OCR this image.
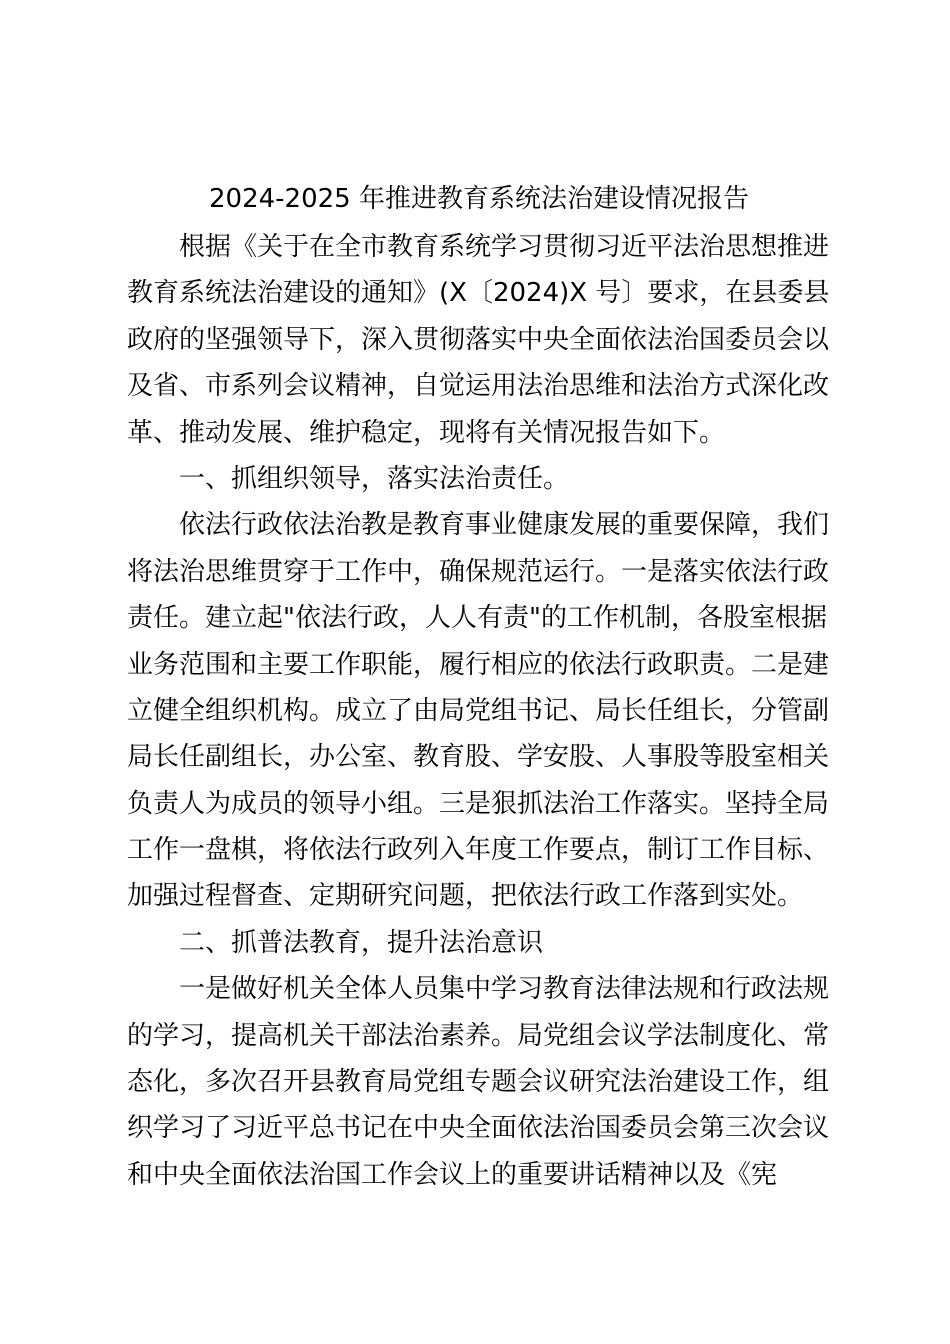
2024-2025 年推进教育系统法治建设情况报告
根据《关于在全市教育系统学习贯彻习近平法治思想推进
教育系统法治建设的通知》(X〔2024)X 号〕要求，在县委县
政府的坚强领导下，深入贯彻落实中央全面依法治国委员会以
及省、市系列会议精神，自觉运用法治思维和法治方式深化改
革、推动发展、维护稳定，现将有关情况报告如下。
一、抓组织领导，落实法治责任。
依法行政依法治教是教育事业健康发展的重要保障，我们
将法治思维贯穿于工作中，确保规范运行。一是落实依法行政
责任。建立起"依法行政，人人有责"的工作机制，各股室根据
业务范围和主要工作职能，履行相应的依法行政职责。二是建
立健全组织机构。成立了由局党组书记、局长任组长，分管副
局长任副组长，办公室、教育股、学安股、人事股等股室相关
负责人为成员的领导小组。三是狠抓法治工作落实。坚持全局
工作一盘棋，将依法行政列入年度工作要点，制订工作目标、
加强过程督查、定期研究问题，把依法行政工作落到实处。
二、抓普法教育，提升法治意识
一是做好机关全体人员集中学习教育法律法规和行政法规
的学习，提高机关干部法治素养。局党组会议学法制度化、常
态化，多次召开县教育局党组专题会议研究法治建设工作，组
织学习了习近平总书记在中央全面依法治国委员会第三次会议
和中央全面依法治国工作会议上的重要讲话精神以及《宪
